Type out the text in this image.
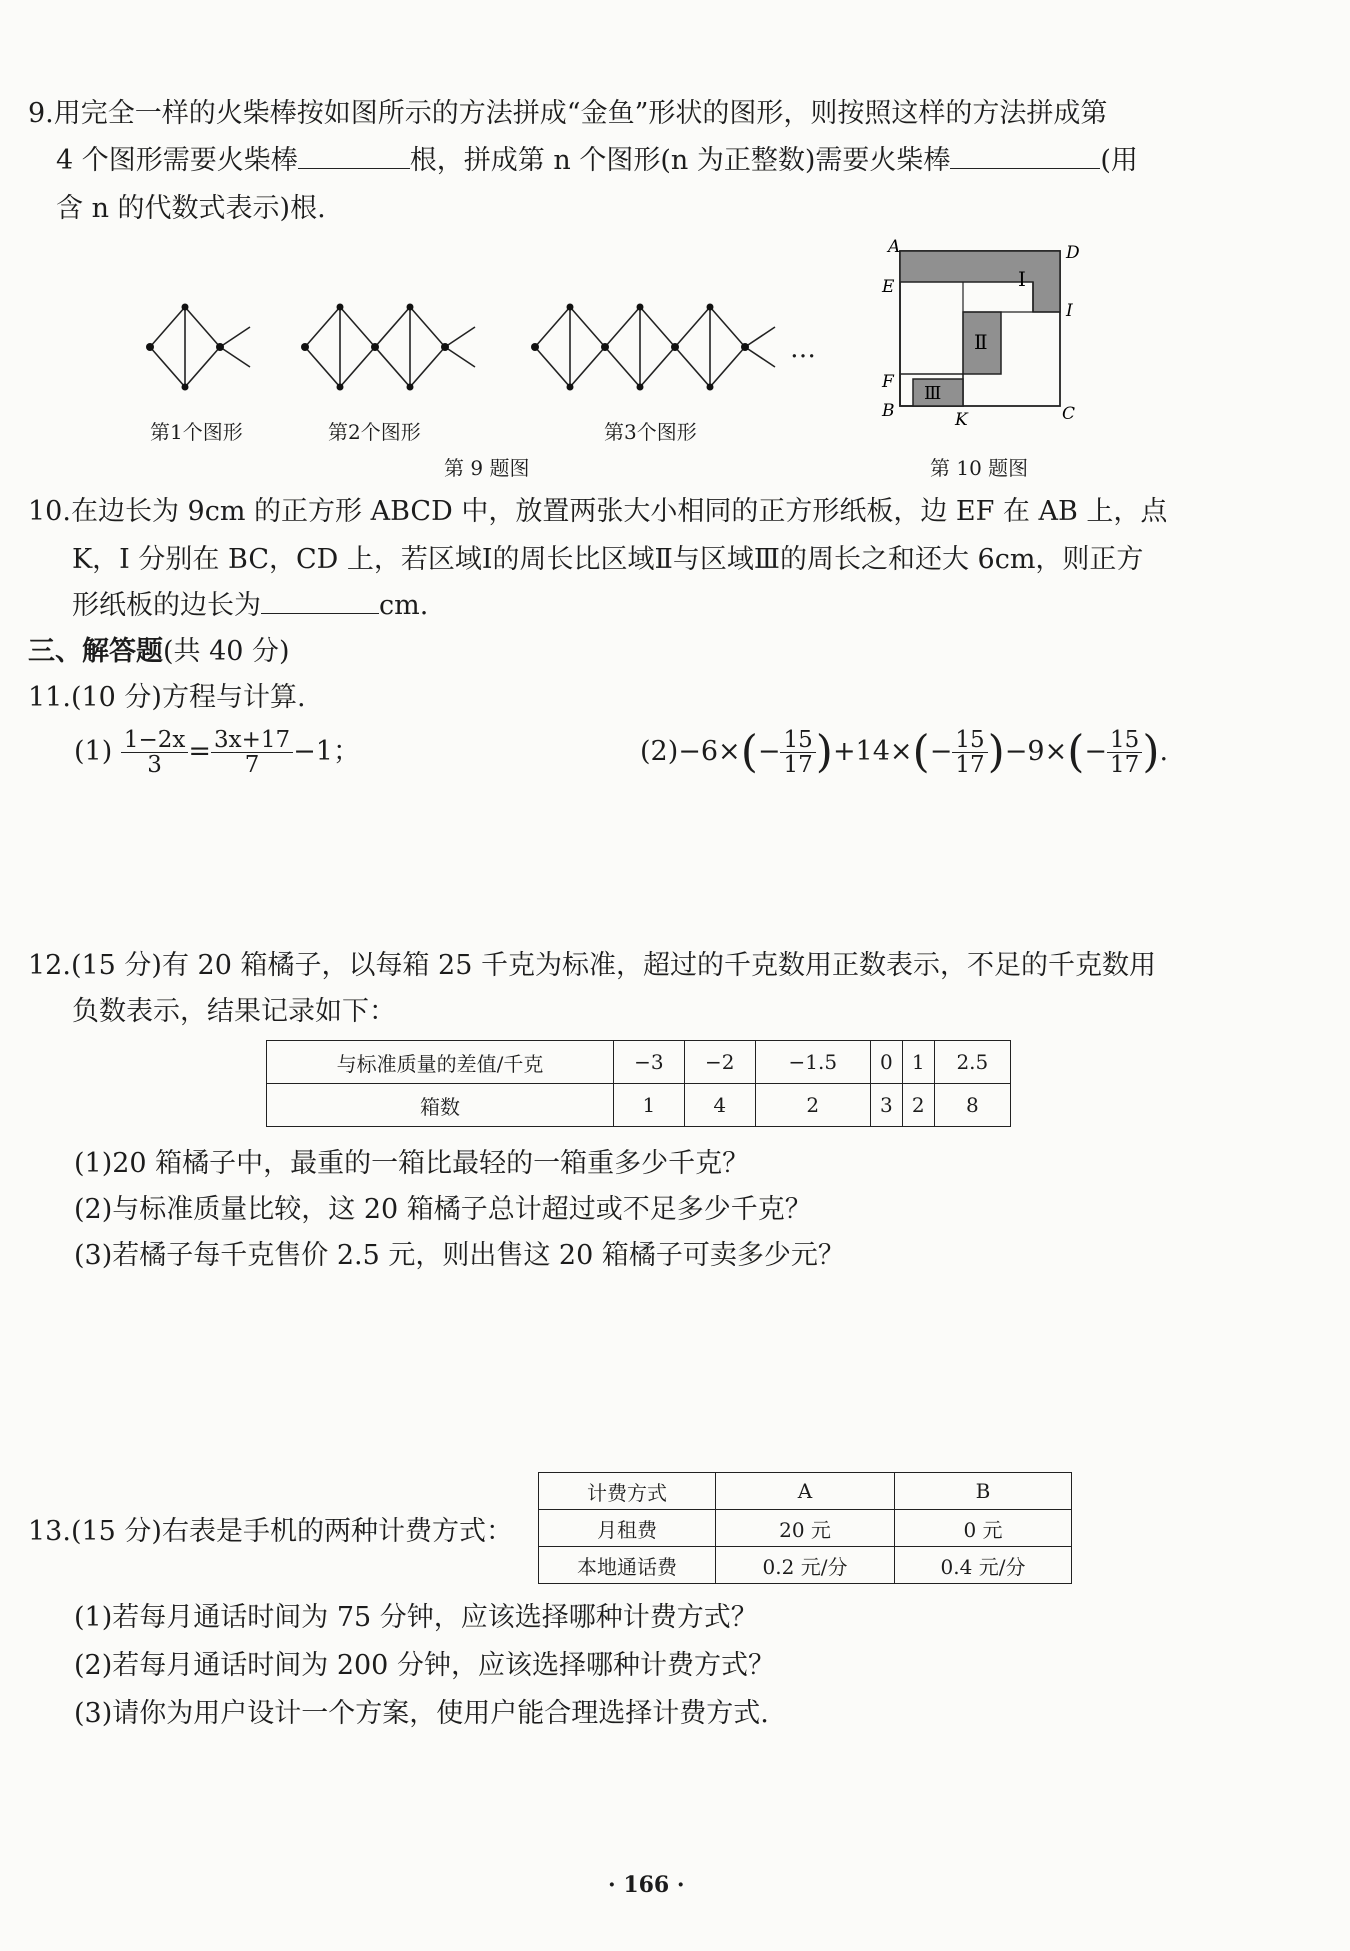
9.用完全一样的火柴棒按如图所示的方法拼成“金鱼”形状的图形，则按照这样的方法拼成第
4 个图形需要火柴棒	根，拼成第 n 个图形(n 为正整数)需要火柴棒	(用
含 n 的代数式表示)根.
…
第1个图形	第2个图形	第3个图形
第 9 题图
A	D
E
I
F
B	K	C
Ⅰ
Ⅱ
Ⅲ
第 10 题图
10.在边长为 9cm 的正方形 ABCD 中，放置两张大小相同的正方形纸板，边 EF 在 AB 上，点
K，I 分别在 BC，CD 上，若区域Ⅰ的周长比区域Ⅱ与区域Ⅲ的周长之和还大 6cm，则正方
形纸板的边长为	cm.
三、解答题(共 40 分)
11.(10 分)方程与计算.
$(1) \frac{1-2x}{3} = \frac{3x+17}{7} -1$；	$(2)-6\times(- \frac{15}{17} )+14\times(- \frac{15}{17} )-9\times(- \frac{15}{17}$ ).
12.(15 分)有 20 箱橘子，以每箱 25 千克为标准，超过的千克数用正数表示，不足的千克数用
负数表示，结果记录如下：
与标准质量的差值/千克	−3	−2	−1.5	0	1	2.5
箱数	1	4	2	3	2	8
(1)20 箱橘子中，最重的一箱比最轻的一箱重多少千克？
(2)与标准质量比较，这 20 箱橘子总计超过或不足多少千克？
(3)若橘子每千克售价 2.5 元，则出售这 20 箱橘子可卖多少元？
13.(15 分)右表是手机的两种计费方式：
计费方式	A	B
月租费	20 元	0 元
本地通话费	0.2 元/分	0.4 元/分
(1)若每月通话时间为 75 分钟，应该选择哪种计费方式？
(2)若每月通话时间为 200 分钟，应该选择哪种计费方式？
(3)请你为用户设计一个方案，使用户能合理选择计费方式.
· 166 ·
